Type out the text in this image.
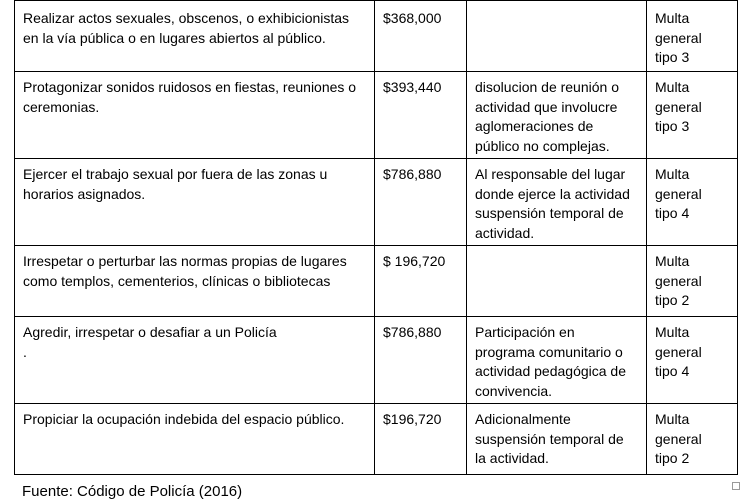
Realizar actos sexuales, obscenos, o exhibicionistas en la vía pública o en lugares abiertos al público.	$368,000		Multa general tipo 3

Protagonizar sonidos ruidosos en fiestas, reuniones o ceremonias.	$393,440	disolucion de reunión o actividad que involucre aglomeraciones de público no complejas.	Multa general tipo 3

Ejercer el trabajo sexual por fuera de las zonas u horarios asignados.	$786,880	Al responsable del lugar donde ejerce la actividad suspensión temporal de actividad.	Multa general tipo 4

Irrespetar o perturbar las normas propias de lugares como templos, cementerios, clínicas o bibliotecas	$ 196,720		Multa general tipo 2

Agredir, irrespetar o desafiar a un Policía
.	$786,880	Participación en programa comunitario o actividad pedagógica de convivencia.	Multa general tipo 4

Propiciar la ocupación indebida del espacio público.	$196,720	Adicionalmente suspensión temporal de la actividad.	Multa general tipo 2
Fuente: Código de Policía (2016)
